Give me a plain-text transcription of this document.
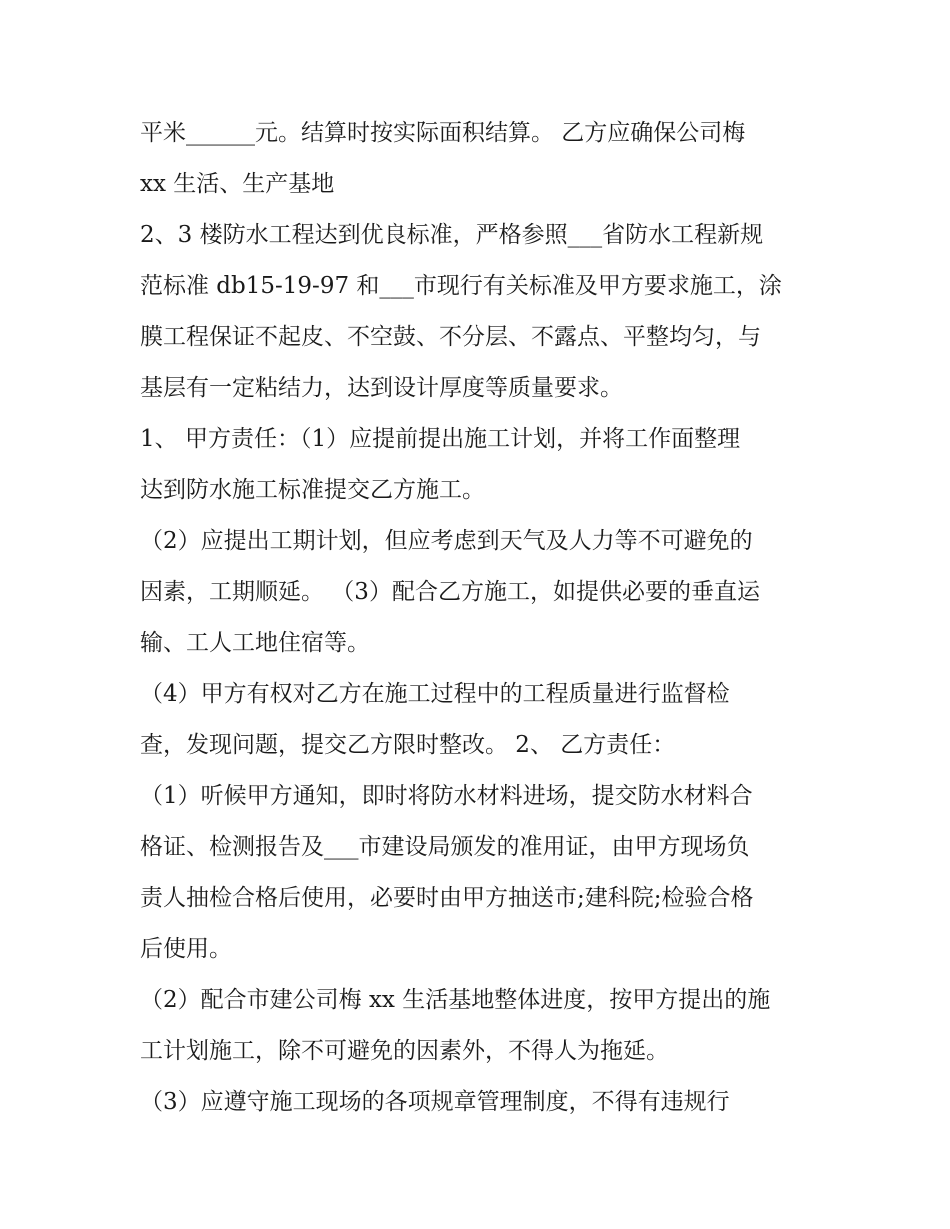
平米______元。结算时按实际面积结算。 乙方应确保公司梅
xx 生活、生产基地
2、3 楼防水工程达到优良标准，严格参照___省防水工程新规
范标准 db15-19-97 和___市现行有关标准及甲方要求施工，涂
膜工程保证不起皮、不空鼓、不分层、不露点、平整均匀，与
基层有一定粘结力，达到设计厚度等质量要求。
1、 甲方责任：（1）应提前提出施工计划，并将工作面整理
达到防水施工标准提交乙方施工。
（2）应提出工期计划，但应考虑到天气及人力等不可避免的
因素，工期顺延。 （3）配合乙方施工，如提供必要的垂直运
输、工人工地住宿等。
（4）甲方有权对乙方在施工过程中的工程质量进行监督检
查，发现问题，提交乙方限时整改。 2、 乙方责任：
（1）听候甲方通知，即时将防水材料进场，提交防水材料合
格证、检测报告及___市建设局颁发的准用证，由甲方现场负
责人抽检合格后使用，必要时由甲方抽送市;建科院;检验合格
后使用。
（2）配合市建公司梅 xx 生活基地整体进度，按甲方提出的施
工计划施工，除不可避免的因素外，不得人为拖延。
（3）应遵守施工现场的各项规章管理制度，不得有违规行
